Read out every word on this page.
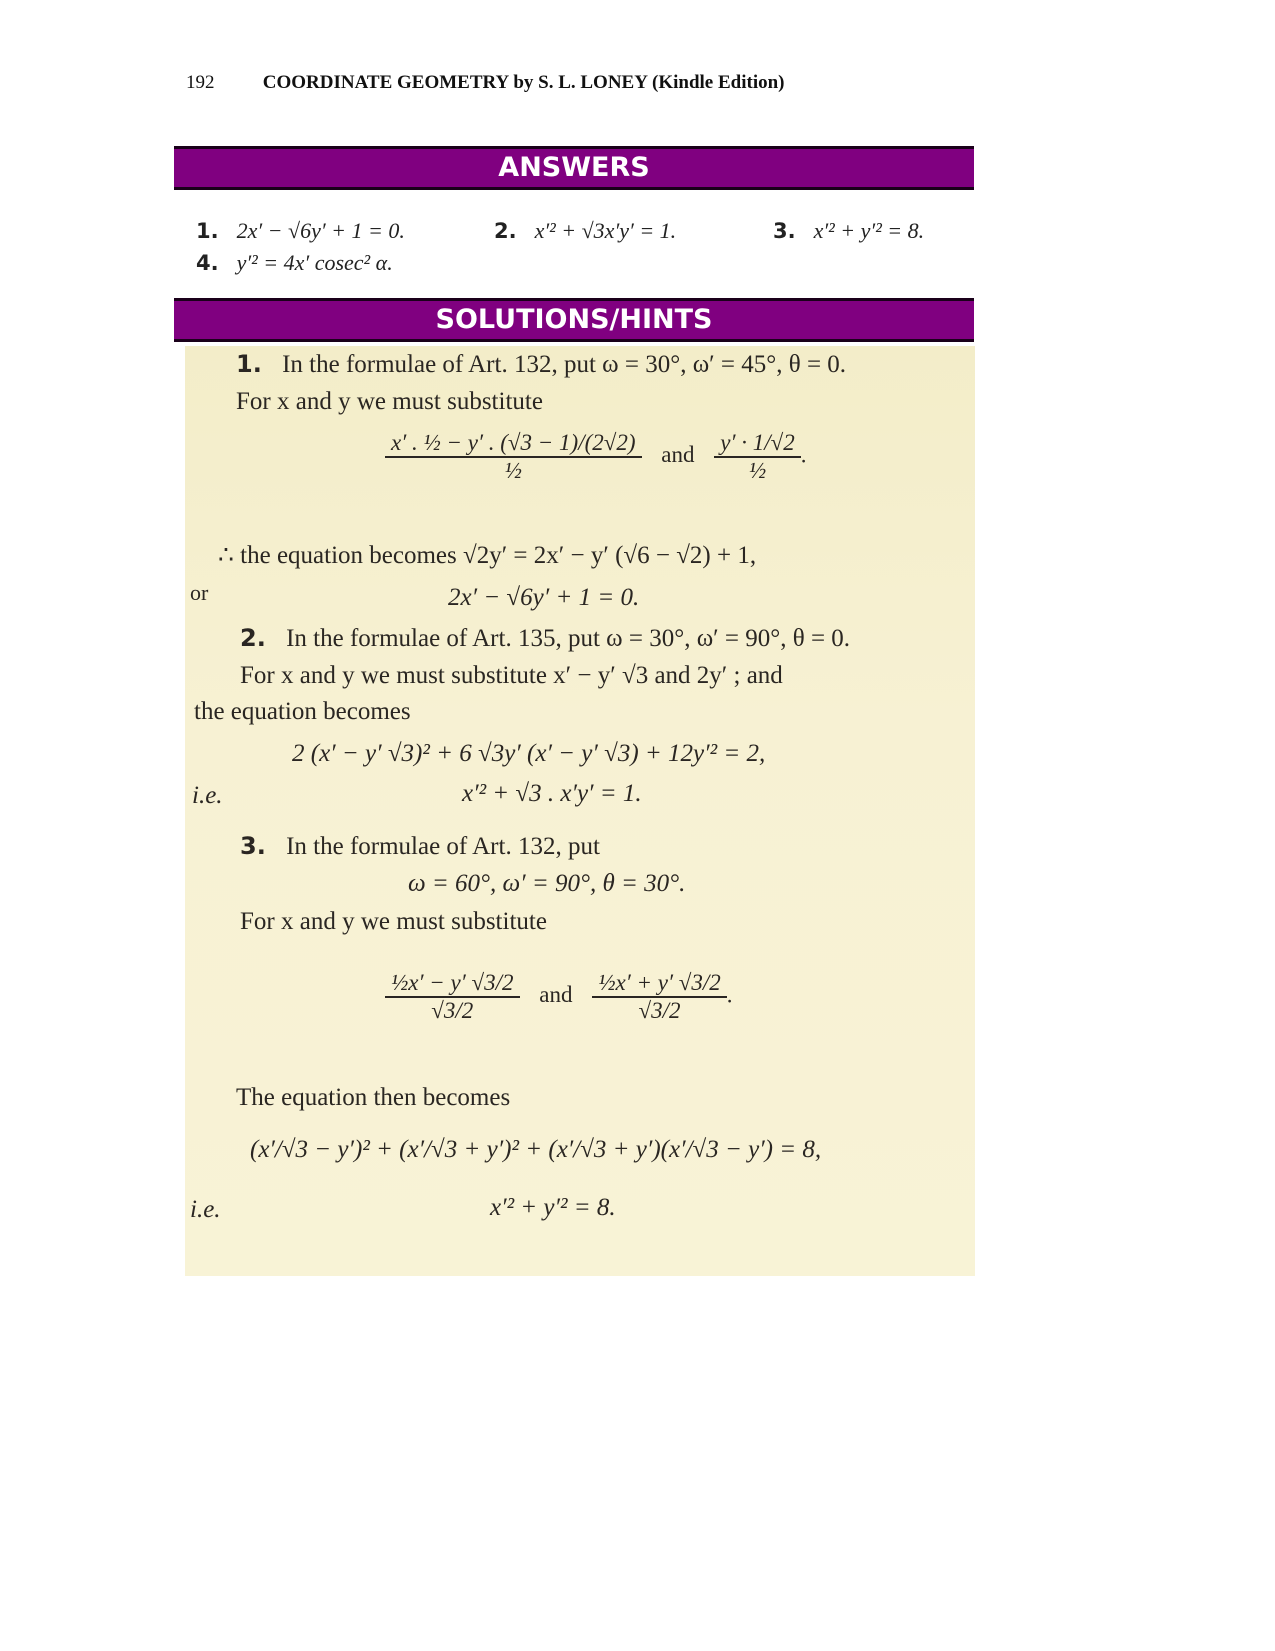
192	COORDINATE GEOMETRY by S. L. LONEY (Kindle Edition)
ANSWERS
1. 2x′ − √6y′ + 1 = 0.	2. x′² + √3x′y′ = 1.	3. x′² + y′² = 8.
4. y′² = 4x′ cosec² α.
SOLUTIONS/HINTS
1. In the formulae of Art. 132, put ω = 30°, ω′ = 45°, θ = 0.
For x and y we must substitute
$\frac{\text{x′ . ½ − y′ . (√3 − 1)/(2√2)}}{\text{½}}$ and $\frac{y' \cdot 1/√2}{\text{½}}$ .
∴ the equation becomes √2y′ = 2x′ − y′ (√6 − √2) + 1,
or	2x′ − √6y′ + 1 = 0.
2. In the formulae of Art. 135, put ω = 30°, ω′ = 90°, θ = 0.
For x and y we must substitute x′ − y′ √3 and 2y′ ; and
the equation becomes
2 (x′ − y′ √3)² + 6 √3y′ (x′ − y′ √3) + 12y′² = 2,
i.e.	x′² + √3 . x′y′ = 1.
3. In the formulae of Art. 132, put
ω = 60°, ω′ = 90°, θ = 30°.
For x and y we must substitute
$\frac{\text{½x′ − y′ √3/2}}{√3/2}$ and $\frac{\text{½x′ + y′ √3/2}}{√3/2}$ .
The equation then becomes
(x′/√3 − y′)² + (x′/√3 + y′)² + (x′/√3 + y′)(x′/√3 − y′) = 8,
i.e.	x′² + y′² = 8.
